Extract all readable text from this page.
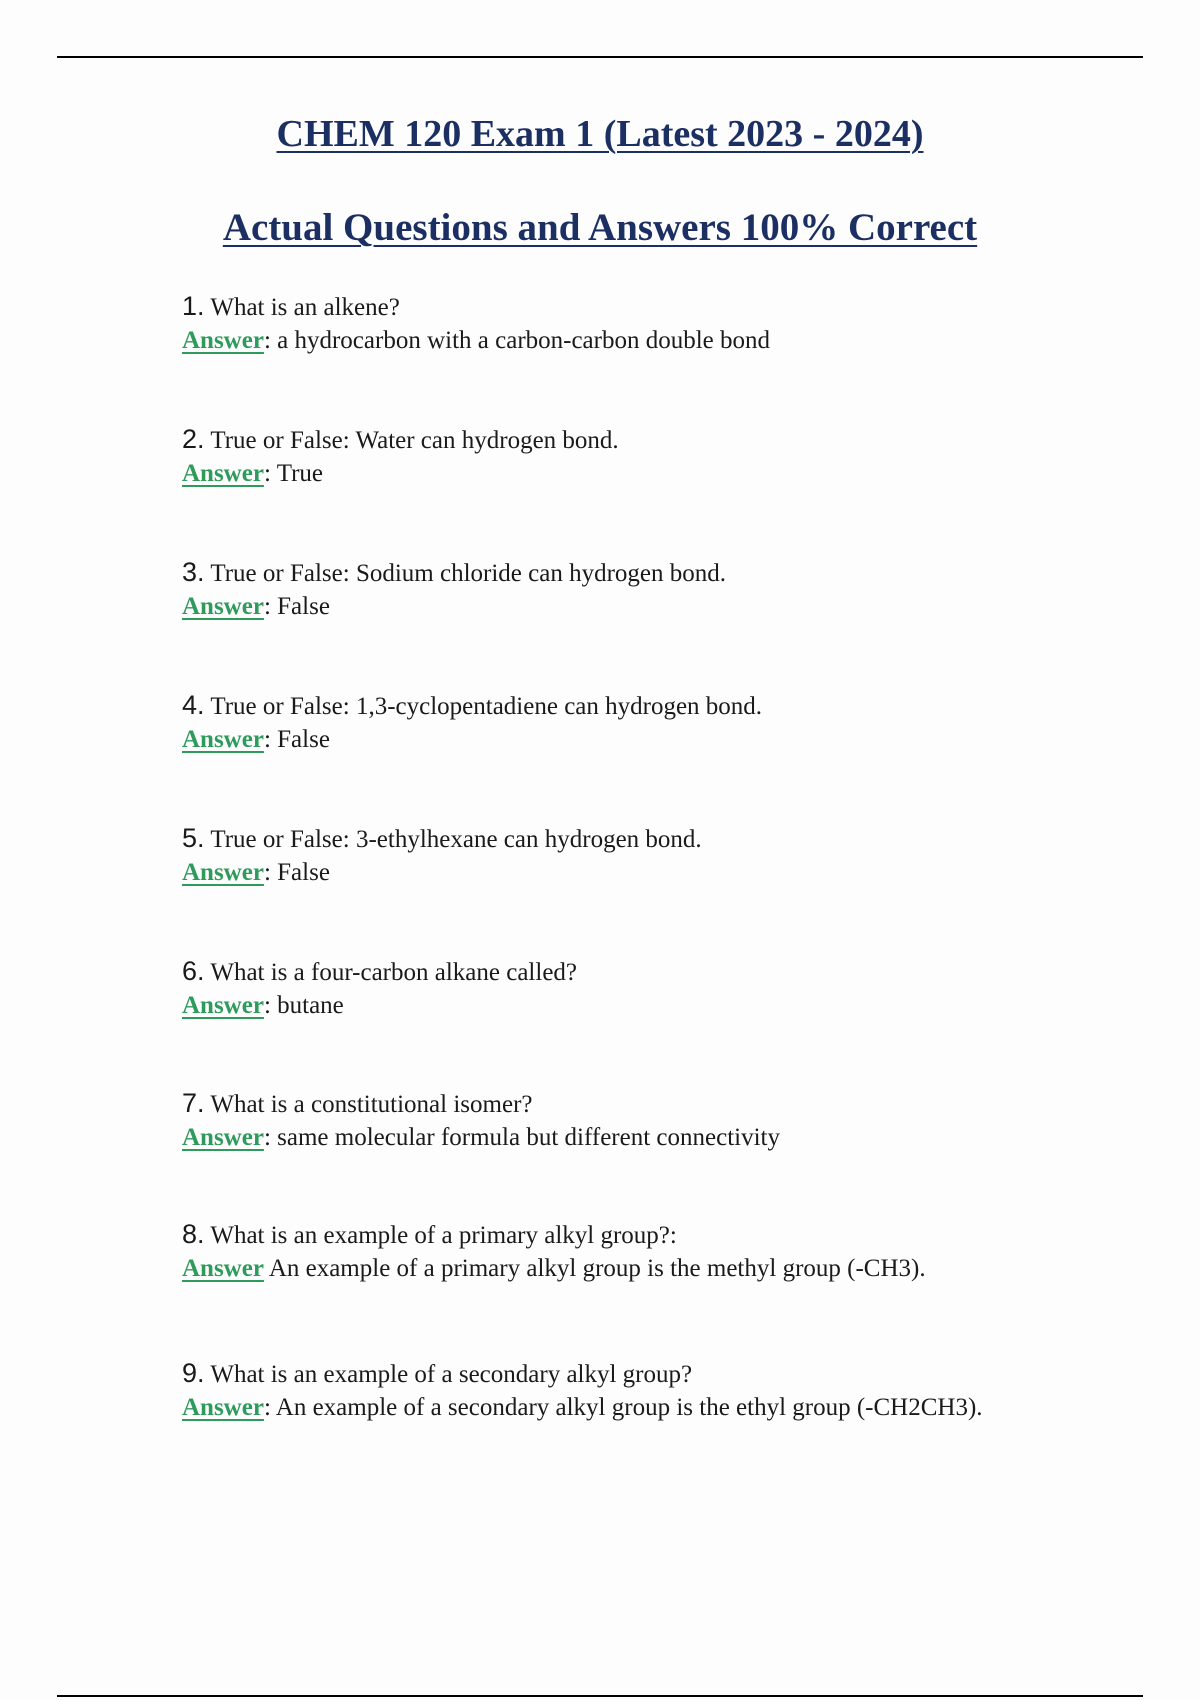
CHEM 120 Exam 1 (Latest 2023 - 2024)
Actual Questions and Answers 100% Correct
1. What is an alkene?
Answer: a hydrocarbon with a carbon-carbon double bond
2. True or False: Water can hydrogen bond.
Answer: True
3. True or False: Sodium chloride can hydrogen bond.
Answer: False
4. True or False: 1,3-cyclopentadiene can hydrogen bond.
Answer: False
5. True or False: 3-ethylhexane can hydrogen bond.
Answer: False
6. What is a four-carbon alkane called?
Answer: butane
7. What is a constitutional isomer?
Answer: same molecular formula but different connectivity
8. What is an example of a primary alkyl group?:
Answer An example of a primary alkyl group is the methyl group (-CH3).
9. What is an example of a secondary alkyl group?
Answer: An example of a secondary alkyl group is the ethyl group (-CH2CH3).
